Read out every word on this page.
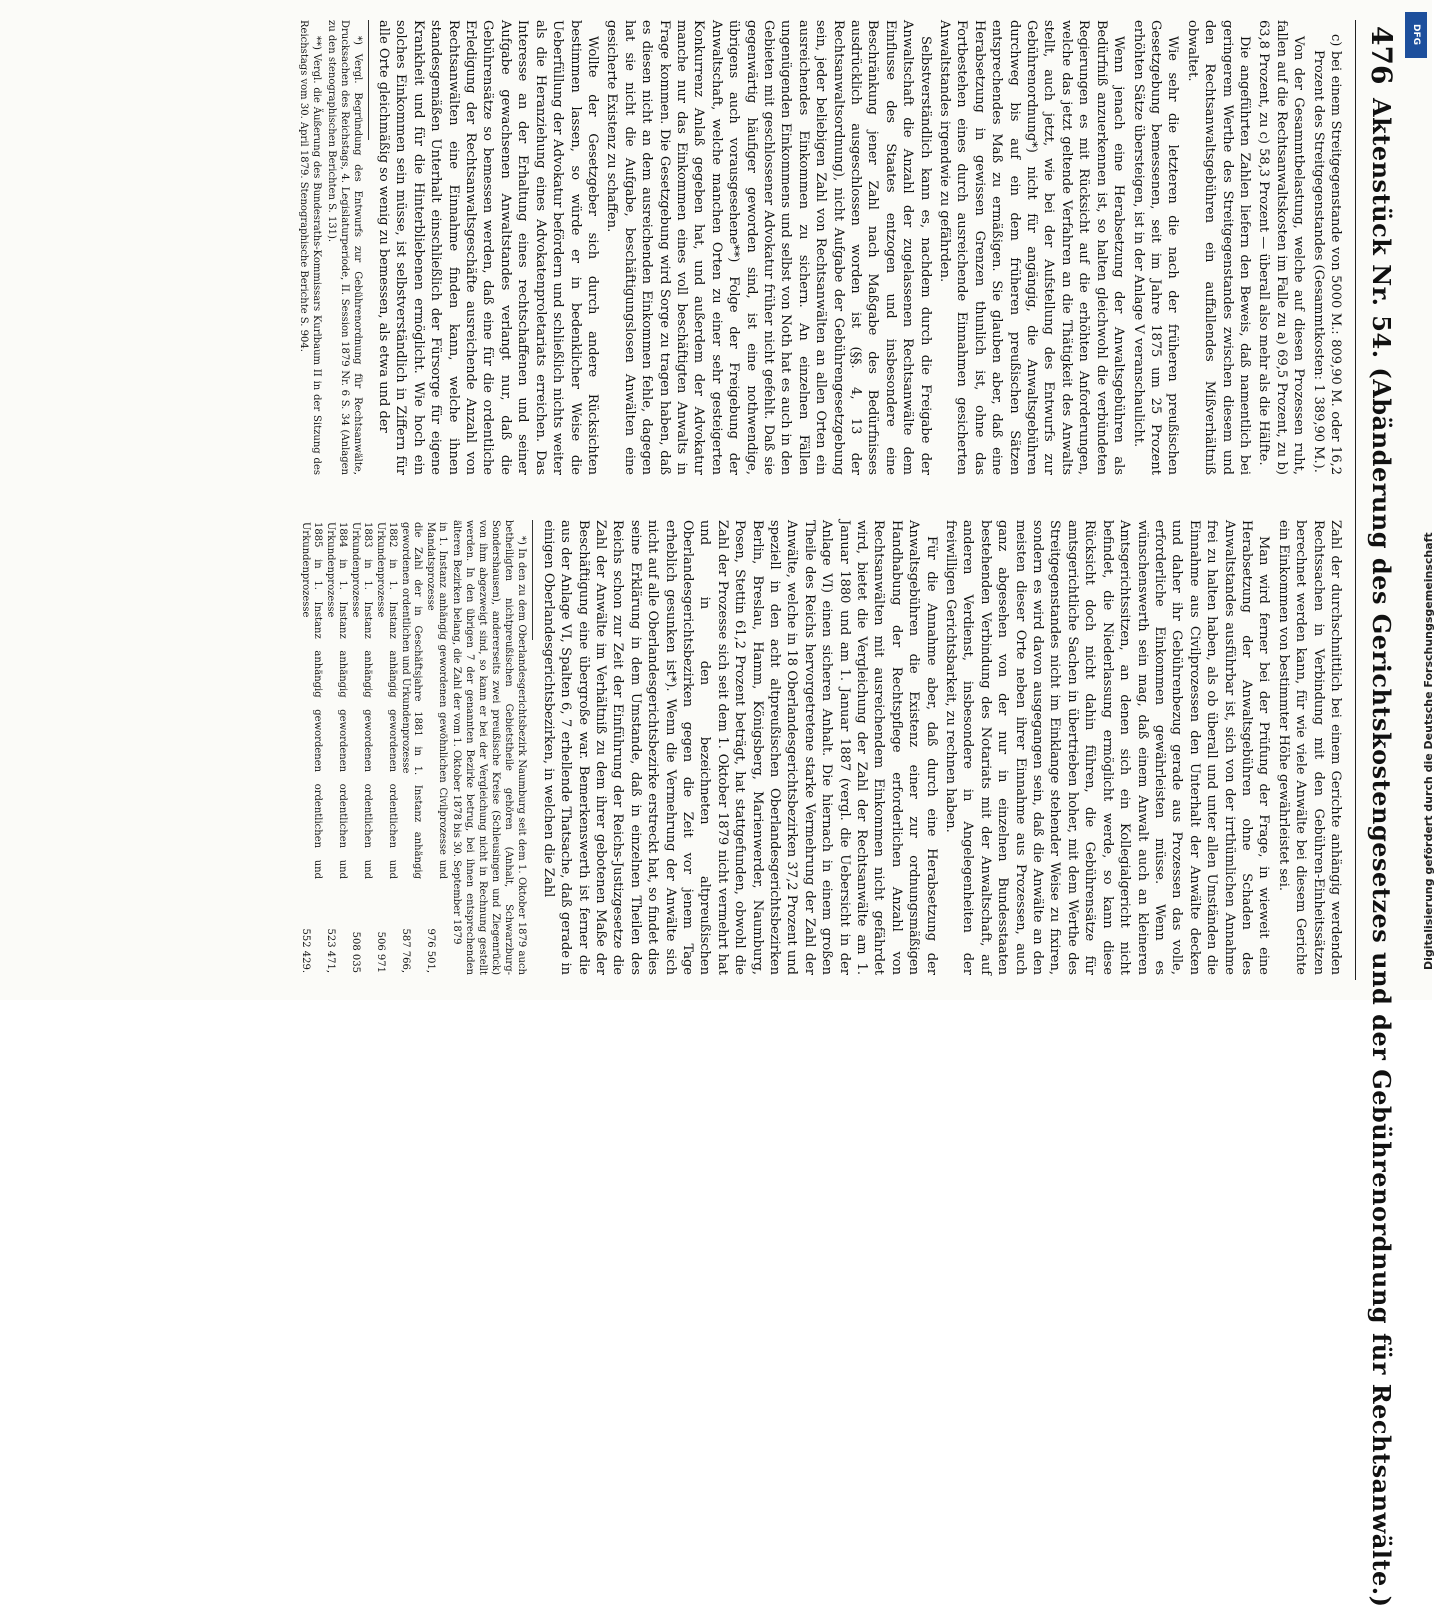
476
Aktenstück Nr. 54. (Abänderung des Gerichtskostengesetzes und der Gebührenordnung für Rechtsanwälte.)

c) bei einem Streitgegenstande von 5000 M.: 809,90 M. oder 16,2 Prozent des Streitgegenstandes (Gesammtkosten: 1 389,90 M.).

Von der Gesammtbelastung, welche auf diesen Prozessen ruht, fallen auf die Rechtsanwaltskosten im Falle zu a) 69,5 Prozent, zu b) 63,8 Prozent, zu c) 58,3 Prozent — überall also mehr als die Hälfte.

Die angeführten Zahlen liefern den Beweis, daß namentlich bei geringerem Werthe des Streitgegenstandes zwischen diesem und den Rechtsanwaltsgebühren ein auffallendes Mißverhältniß obwaltet.

Wie sehr die letzteren die nach der früheren preußischen Gesetzgebung bemessenen, seit im Jahre 1875 um 25 Prozent erhöhten Sätze übersteigen, ist in der Anlage V veranschaulicht.

Wenn jenach eine Herabsetzung der Anwaltsgebühren als Bedürfniß anzuerkennen ist, so halten gleichwohl die verbündeten Regierungen es mit Rücksicht auf die erhöhten Anforderungen, welche das jetzt geltende Verfahren an die Thätigkeit des Anwalts stellt, auch jetzt, wie bei der Aufstellung des Entwurfs zur Gebührenordnung*) nicht für angängig, die Anwaltsgebühren durchweg bis auf ein dem früheren preußischen Sätzen entsprechendes Maß zu ermäßigen. Sie glauben aber, daß eine Herabsetzung in gewissen Grenzen thunlich ist, ohne das Fortbestehen eines durch ausreichende Einnahmen gesicherten Anwaltstandes irgendwie zu gefährden.

Selbstverständlich kann es, nachdem durch die Freigabe der Anwaltschaft die Anzahl der zugelassenen Rechtsanwälte dem Einflusse des Staates entzogen und insbesondere eine Beschränkung jener Zahl nach Maßgabe des Bedürfnisses ausdrücklich ausgeschlossen worden ist (§§. 4, 13 der Rechtsanwaltsordnung), nicht Aufgabe der Gebührengesetzgebung sein, jeder beliebigen Zahl von Rechtsanwälten an allen Orten ein ausreichendes Einkommen zu sichern. An einzelnen Fällen ungenügenden Einkommens und selbst von Noth hat es auch in den Gebieten mit geschlossener Advokatur früher nicht gefehlt. Daß sie gegenwärtig häufiger geworden sind, ist eine nothwendige, übrigens auch vorausgesehene**) Folge der Freigebung der Anwaltschaft, welche manchen Orten zu einer sehr gesteigerten Konkurrenz Anlaß gegeben hat, und außerdem der Advokatur manche nur das Einkommen eines voll beschäftigten Anwalts in Frage kommen. Die Gesetzgebung wird Sorge zu tragen haben, daß es diesen nicht an dem ausreichenden Einkommen fehle, dagegen hat sie nicht die Aufgabe, beschäftigungslosen Anwälten eine gesicherte Existenz zu schaffen.

Wollte der Gesetzgeber sich durch andere Rücksichten bestimmen lassen, so würde er in bedenklicher Weise die Ueberfüllung der Advokatur befördern und schließlich nichts weiter als die Heranziehung eines Advokatenproletariats erreichen. Das Interesse an der Erhaltung eines rechtschaffenen und seiner Aufgabe gewachsenen Anwaltstandes verlangt nur, daß die Gebührensätze so bemessen werden, daß eine für die ordentliche Erledigung der Rechtsanwaltsgeschäfte ausreichende Anzahl von Rechtsanwälten eine Einnahme finden kann, welche ihnen standesgemäßen Unterhalt einschließlich der Fürsorge für eigene Krankheit und für die Hinterbliebenen ermöglicht. Wie hoch ein solches Einkommen sein müsse, ist selbstverständlich in Ziffern für alle Orte gleichmäßig so wenig zu bemessen, als etwa und der

*) Vergl. Begründung des Entwurfs zur Gebührenordnung für Rechtsanwälte, Drucksachen des Reichstags, 4. Legislaturperiode, II. Session 1879 Nr. 6 S. 34 (Anlagen zu den stenographischen Berichten S. 131).

**) Vergl. die Äußerung des Bundesraths-Kommissars Kurlbaum II in der Sitzung des Reichstags vom 30. April 1879. Stenographische Berichte S. 904.

Zahl der durchschnittlich bei einem Gerichte anhängig werdenden Rechtssachen in Verbindung mit den Gebühren-Einheitssätzen berechnet werden kann, für wie viele Anwälte bei diesem Gerichte ein Einkommen von bestimmter Höhe gewährleistet sei.

Man wird ferner bei der Prüfung der Frage, in wieweit eine Herabsetzung der Anwaltsgebühren ohne Schaden des Anwaltstandes ausführbar ist, sich von der irrthümlichen Annahme frei zu halten haben, als ob überall und unter allen Umständen die Einnahme aus Civilprozessen den Unterhalt der Anwälte decken und daher ihr Gebührenbezug gerade aus Prozessen das volle, erforderliche Einkommen gewährleisten müsse. Wenn es wünschenswerth sein mag, daß einem Anwalt auch an kleineren Amtsgerichtssitzen, an denen sich ein Kollegialgericht nicht befindet, die Niederlassung ermöglicht werde, so kann diese Rücksicht doch nicht dahin führen, die Gebührensätze für amtsgerichtliche Sachen in übertrieben hoher, mit dem Werthe des Streitgegenstandes nicht im Einklange stehender Weise zu fixiren, sondern es wird davon ausgegangen sein, daß die Anwälte an den meisten dieser Orte neben ihrer Einnahme aus Prozessen, auch ganz abgesehen von der nur in einzelnen Bundesstaaten bestehenden Verbindung des Notariats mit der Anwaltschaft, auf anderen Verdienst, insbesondere in Angelegenheiten der freiwilligen Gerichtsbarkeit, zu rechnen haben.

Für die Annahme aber, daß durch eine Herabsetzung der Anwaltsgebühren die Existenz einer zur ordnungsmäßigen Handhabung der Rechtspflege erforderlichen Anzahl von Rechtsanwälten mit ausreichendem Einkommen nicht gefährdet wird, bietet die Vergleichung der Zahl der Rechtsanwälte am 1. Januar 1880 und am 1. Januar 1887 (vergl. die Uebersicht in der Anlage VI) einen sicheren Anhalt. Die hiernach in einem großen Theile des Reichs hervorgetretene starke Vermehrung der Zahl der Anwälte, welche in 18 Oberlandesgerichtsbezirken 37,2 Prozent und speziell in den acht altpreußischen Oberlandesgerichtsbezirken Berlin, Breslau, Hamm, Königsberg, Marienwerder, Naumburg, Posen, Stettin 61,2 Prozent beträgt, hat stattgefunden, obwohl die Zahl der Prozesse sich seit dem 1. Oktober 1879 nicht vermehrt hat und in den bezeichneten altpreußischen Oberlandesgerichtsbezirken gegen die Zeit vor jenem Tage erheblich gesunken ist*). Wenn die Vermehrung der Anwälte sich nicht auf alle Oberlandesgerichtsbezirke erstreckt hat, so findet dies seine Erklärung in dem Umstande, daß in einzelnen Theilen des Reichs schon zur Zeit der Einführung der Reichs-Justizgesetze die Zahl der Anwälte im Verhältniß zu dem ihrer gebotenen Maße der Beschäftigung eine übergroße war. Bemerkenswerth ist ferner die aus der Anlage VI, Spalten 6, 7 erhellende Thatsache, daß gerade in einigen Oberlandesgerichtsbezirken, in welchen die Zahl

*) In den zu dem Oberlandesgerichtsbezirk Naumburg seit dem 1. Oktober 1879 auch betheiligten nichtpreußischen Gebietstheile gehören (Anhalt, Schwarzburg-Sondershausen), andererseits zwei preußische Kreise (Schleusingen und Ziegenrück) von ihm abgezweigt sind, so kann er bei der Vergleichung nicht in Rechnung gestellt werden. In den übrigen 7 der genannten Bezirke betrug, bei ihnen entsprechenden älteren Bezirken belang, die Zahl der vom 1. Oktober 1878 bis 30. September 1879

in 1. Instanz anhängig gewordenen gewöhnlichen Civilprozesse und Mandatsprozesse	976 501,
die Zahl der in Geschäftsjahre 1881 in 1. Instanz anhängig gewordenen ordentlichen und Urkundenprozesse	587 766,
1882 in 1. Instanz anhängig gewordenen ordentlichen und Urkundenprozesse	506 971
1883 in 1. Instanz anhängig gewordenen ordentlichen und Urkundenprozesse	508 035
1884 in 1. Instanz anhängig gewordenen ordentlichen und Urkundenprozesse	523 471,
1885 in 1. Instanz anhängig gewordenen ordentlichen und Urkundenprozesse	552 429.
DFG
Digitalisierung gefördert durch die Deutsche Forschungsgemeinschaft
